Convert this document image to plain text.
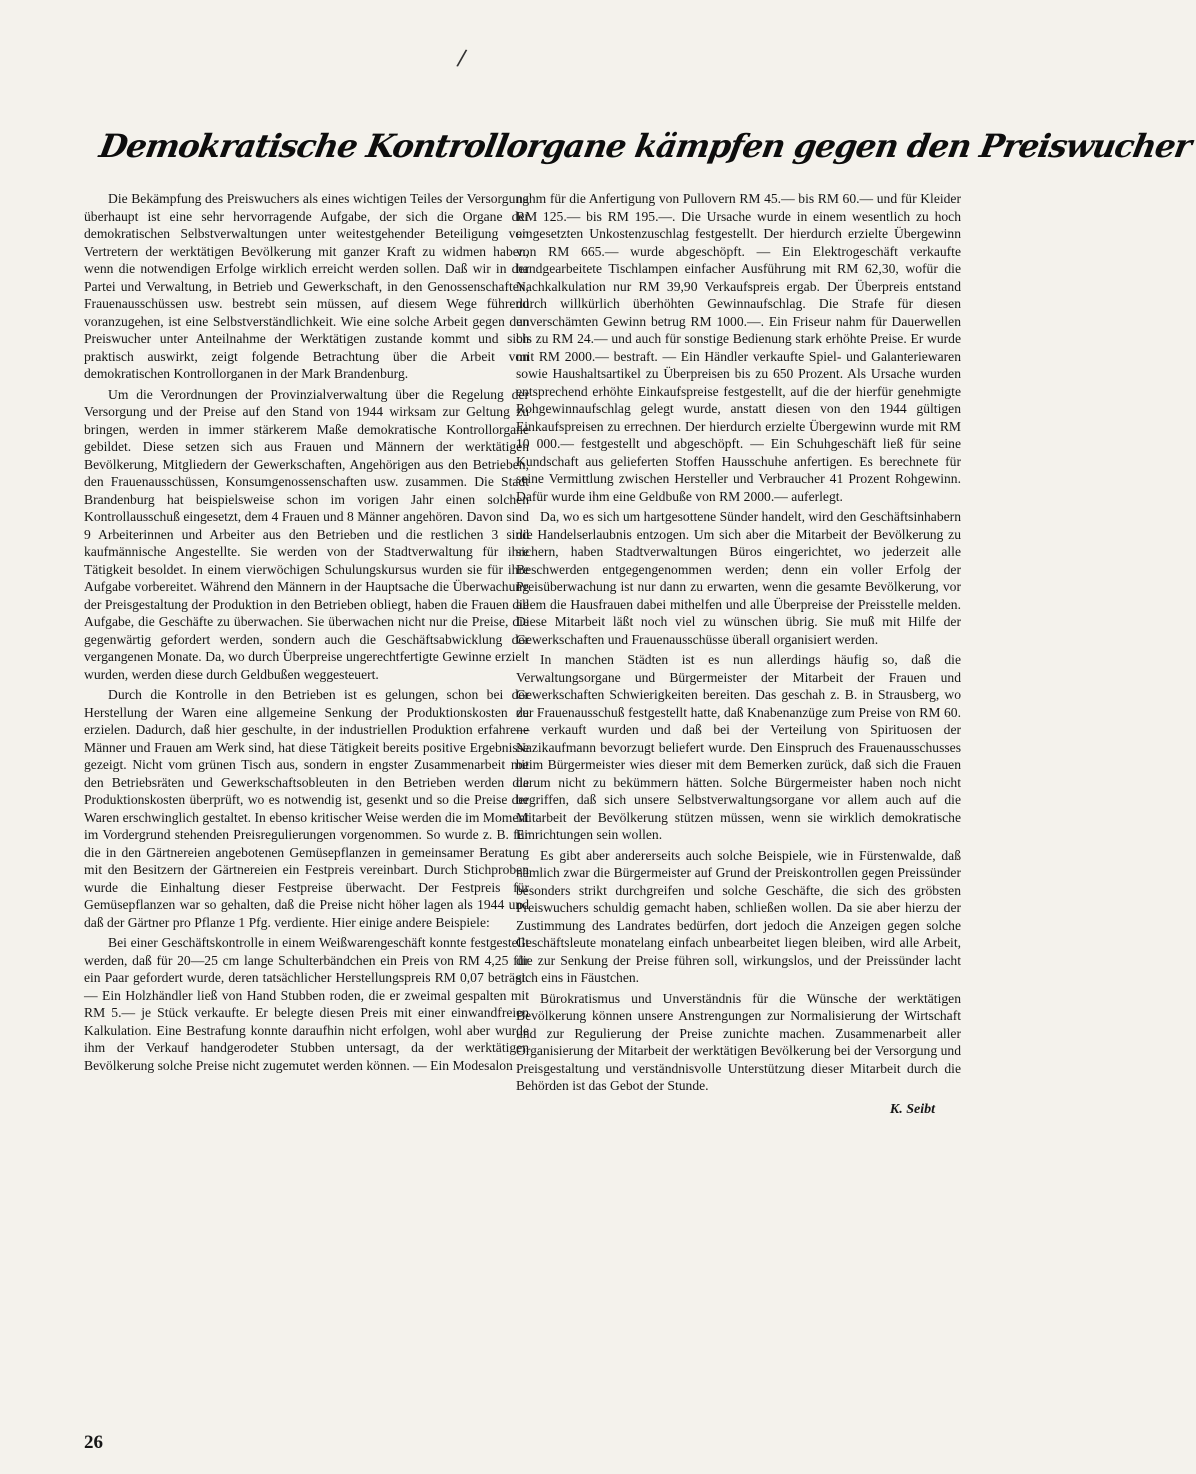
/
Demokratische Kontrollorgane kämpfen gegen den Preiswucher

Die Bekämpfung des Preiswuchers als eines wichtigen Teiles der Versorgung überhaupt ist eine sehr hervorragende Aufgabe, der sich die Organe der demokratischen Selbstverwaltungen unter weitestgehender Beteiligung von Vertretern der werktätigen Bevölkerung mit ganzer Kraft zu widmen haben, wenn die notwendigen Erfolge wirklich erreicht werden sollen. Daß wir in der Partei und Verwaltung, in Betrieb und Gewerkschaft, in den Genossenschaften, Frauenausschüssen usw. bestrebt sein müssen, auf diesem Wege führend voranzugehen, ist eine Selbstverständlichkeit. Wie eine solche Arbeit gegen den Preiswucher unter Anteilnahme der Werktätigen zustande kommt und sich praktisch auswirkt, zeigt folgende Betrachtung über die Arbeit von demokratischen Kontrollorganen in der Mark Brandenburg.

Um die Verordnungen der Provinzialverwaltung über die Regelung der Versorgung und der Preise auf den Stand von 1944 wirksam zur Geltung zu bringen, werden in immer stärkerem Maße demokratische Kontrollorgane gebildet. Diese setzen sich aus Frauen und Männern der werktätigen Bevölkerung, Mitgliedern der Gewerkschaften, Angehörigen aus den Betrieben, den Frauenausschüssen, Konsumgenossenschaften usw. zusammen. Die Stadt Brandenburg hat beispielsweise schon im vorigen Jahr einen solchen Kontrollausschuß eingesetzt, dem 4 Frauen und 8 Männer angehören. Davon sind 9 Arbeiterinnen und Arbeiter aus den Betrieben und die restlichen 3 sind kaufmännische Angestellte. Sie werden von der Stadtverwaltung für ihre Tätigkeit besoldet. In einem vierwöchigen Schulungskursus wurden sie für ihre Aufgabe vorbereitet. Während den Männern in der Hauptsache die Überwachung der Preisgestaltung der Produktion in den Betrieben obliegt, haben die Frauen die Aufgabe, die Geschäfte zu überwachen. Sie überwachen nicht nur die Preise, die gegenwärtig gefordert werden, sondern auch die Geschäftsabwicklung der vergangenen Monate. Da, wo durch Überpreise ungerechtfertigte Gewinne erzielt wurden, werden diese durch Geldbußen weggesteuert.

Durch die Kontrolle in den Betrieben ist es gelungen, schon bei der Herstellung der Waren eine allgemeine Senkung der Produktionskosten zu erzielen. Dadurch, daß hier geschulte, in der industriellen Produktion erfahrene Männer und Frauen am Werk sind, hat diese Tätigkeit bereits positive Ergebnisse gezeigt. Nicht vom grünen Tisch aus, sondern in engster Zusammenarbeit mit den Betriebsräten und Gewerkschaftsobleuten in den Betrieben werden die Produktionskosten überprüft, wo es notwendig ist, gesenkt und so die Preise der Waren erschwinglich gestaltet. In ebenso kritischer Weise werden die im Moment im Vordergrund stehenden Preisregulierungen vorgenommen. So wurde z. B. für die in den Gärtnereien angebotenen Gemüsepflanzen in gemeinsamer Beratung mit den Besitzern der Gärtnereien ein Festpreis vereinbart. Durch Stichproben wurde die Einhaltung dieser Festpreise überwacht. Der Festpreis für Gemüsepflanzen war so gehalten, daß die Preise nicht höher lagen als 1944 und daß der Gärtner pro Pflanze 1 Pfg. verdiente. Hier einige andere Beispiele:

Bei einer Geschäftskontrolle in einem Weißwarengeschäft konnte festgestellt werden, daß für 20—25 cm lange Schulterbändchen ein Preis von RM 4,25 für ein Paar gefordert wurde, deren tatsächlicher Herstellungspreis RM 0,07 beträgt. — Ein Holzhändler ließ von Hand Stubben roden, die er zweimal gespalten mit RM 5.— je Stück verkaufte. Er belegte diesen Preis mit einer einwandfreien Kalkulation. Eine Bestrafung konnte daraufhin nicht erfolgen, wohl aber wurde ihm der Verkauf handgerodeter Stubben untersagt, da der werktätigen Bevölkerung solche Preise nicht zugemutet werden können. — Ein Modesalon

nahm für die Anfertigung von Pullovern RM 45.— bis RM 60.— und für Kleider RM 125.— bis RM 195.—. Die Ursache wurde in einem wesentlich zu hoch eingesetzten Unkostenzuschlag festgestellt. Der hierdurch erzielte Übergewinn von RM 665.— wurde abgeschöpft. — Ein Elektrogeschäft verkaufte handgearbeitete Tischlampen einfacher Ausführung mit RM 62,30, wofür die Nachkalkulation nur RM 39,90 Verkaufspreis ergab. Der Überpreis entstand durch willkürlich überhöhten Gewinnaufschlag. Die Strafe für diesen unverschämten Gewinn betrug RM 1000.—. Ein Friseur nahm für Dauerwellen bis zu RM 24.— und auch für sonstige Bedienung stark erhöhte Preise. Er wurde mit RM 2000.— bestraft. — Ein Händler verkaufte Spiel- und Galanteriewaren sowie Haushaltsartikel zu Überpreisen bis zu 650 Prozent. Als Ursache wurden entsprechend erhöhte Einkaufspreise festgestellt, auf die der hierfür genehmigte Rohgewinnaufschlag gelegt wurde, anstatt diesen von den 1944 gültigen Einkaufspreisen zu errechnen. Der hierdurch erzielte Übergewinn wurde mit RM 10 000.— festgestellt und abgeschöpft. — Ein Schuhgeschäft ließ für seine Kundschaft aus gelieferten Stoffen Hausschuhe anfertigen. Es berechnete für seine Vermittlung zwischen Hersteller und Verbraucher 41 Prozent Rohgewinn. Dafür wurde ihm eine Geldbuße von RM 2000.— auferlegt.

Da, wo es sich um hartgesottene Sünder handelt, wird den Geschäftsinhabern die Handelserlaubnis entzogen. Um sich aber die Mitarbeit der Bevölkerung zu sichern, haben Stadtverwaltungen Büros eingerichtet, wo jederzeit alle Beschwerden entgegengenommen werden; denn ein voller Erfolg der Preisüberwachung ist nur dann zu erwarten, wenn die gesamte Bevölkerung, vor allem die Hausfrauen dabei mithelfen und alle Überpreise der Preisstelle melden. Diese Mitarbeit läßt noch viel zu wünschen übrig. Sie muß mit Hilfe der Gewerkschaften und Frauenausschüsse überall organisiert werden.

In manchen Städten ist es nun allerdings häufig so, daß die Verwaltungsorgane und Bürgermeister der Mitarbeit der Frauen und Gewerkschaften Schwierigkeiten bereiten. Das geschah z. B. in Strausberg, wo der Frauenausschuß festgestellt hatte, daß Knabenanzüge zum Preise von RM 60.— verkauft wurden und daß bei der Verteilung von Spirituosen der Nazikaufmann bevorzugt beliefert wurde. Den Einspruch des Frauenausschusses beim Bürgermeister wies dieser mit dem Bemerken zurück, daß sich die Frauen darum nicht zu bekümmern hätten. Solche Bürgermeister haben noch nicht begriffen, daß sich unsere Selbstverwaltungsorgane vor allem auch auf die Mitarbeit der Bevölkerung stützen müssen, wenn sie wirklich demokratische Einrichtungen sein wollen.

Es gibt aber andererseits auch solche Beispiele, wie in Fürstenwalde, daß nämlich zwar die Bürgermeister auf Grund der Preiskontrollen gegen Preissünder besonders strikt durchgreifen und solche Geschäfte, die sich des gröbsten Preiswuchers schuldig gemacht haben, schließen wollen. Da sie aber hierzu der Zustimmung des Landrates bedürfen, dort jedoch die Anzeigen gegen solche Geschäftsleute monatelang einfach unbearbeitet liegen bleiben, wird alle Arbeit, die zur Senkung der Preise führen soll, wirkungslos, und der Preissünder lacht sich eins in Fäustchen.

Bürokratismus und Unverständnis für die Wünsche der werktätigen Bevölkerung können unsere Anstrengungen zur Normalisierung der Wirtschaft und zur Regulierung der Preise zunichte machen. Zusammenarbeit aller Organisierung der Mitarbeit der werktätigen Bevölkerung bei der Versorgung und Preisgestaltung und verständnisvolle Unterstützung dieser Mitarbeit durch die Behörden ist das Gebot der Stunde.

K. Seibt
26
